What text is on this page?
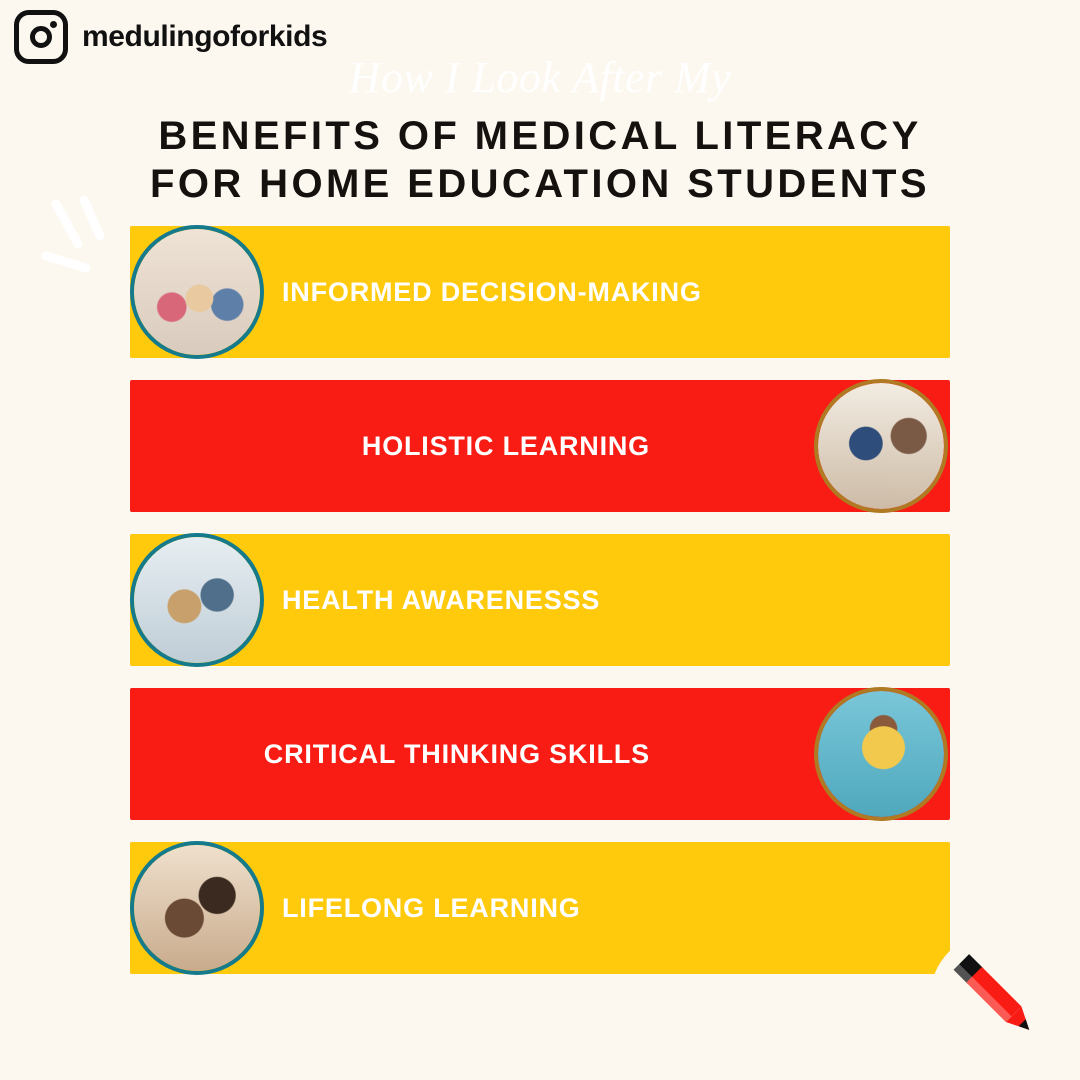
medulingoforkids
How I Look After My
BENEFITS OF MEDICAL LITERACY
FOR HOME EDUCATION STUDENTS
INFORMED DECISION-MAKING
HOLISTIC LEARNING
HEALTH AWARENESSS
CRITICAL THINKING SKILLS
LIFELONG LEARNING
